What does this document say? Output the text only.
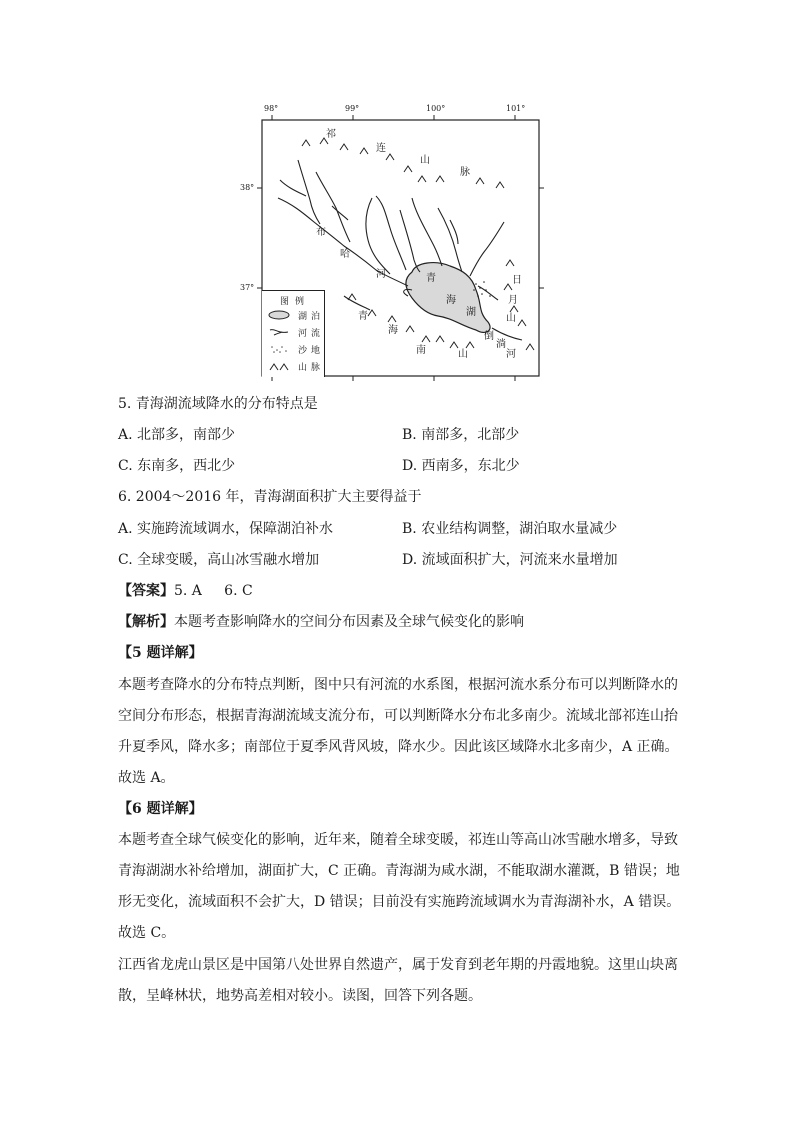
98°	99°	100°	101°
38°
37°
祁
连
山
脉
布
哈
河	青
海
湖
日
月
山
青
海
南	山
倒
淌
河
图例
湖泊
河流
沙地
山脉
5. 青海湖流域降水的分布特点是
A. 北部多，南部少	B. 南部多，北部少
C. 东南多，西北少	D. 西南多，东北少
6. 2004～2016 年，青海湖面积扩大主要得益于
A. 实施跨流域调水，保障湖泊补水	B. 农业结构调整，湖泊取水量减少
C. 全球变暖，高山冰雪融水增加	D. 流域面积扩大，河流来水量增加
【答案】5. A     6. C
【解析】本题考查影响降水的空间分布因素及全球气候变化的影响
【5 题详解】
本题考查降水的分布特点判断，图中只有河流的水系图，根据河流水系分布可以判断降水的
空间分布形态，根据青海湖流域支流分布，可以判断降水分布北多南少。流域北部祁连山抬
升夏季风，降水多；南部位于夏季风背风坡，降水少。因此该区域降水北多南少，A 正确。
故选 A。
【6 题详解】
本题考查全球气候变化的影响，近年来，随着全球变暖，祁连山等高山冰雪融水增多，导致
青海湖湖水补给增加，湖面扩大，C 正确。青海湖为咸水湖，不能取湖水灌溉，B 错误；地
形无变化，流域面积不会扩大，D 错误；目前没有实施跨流域调水为青海湖补水，A 错误。
故选 C。
江西省龙虎山景区是中国第八处世界自然遗产，属于发育到老年期的丹霞地貌。这里山块离
散，呈峰林状，地势高差相对较小。读图，回答下列各题。
